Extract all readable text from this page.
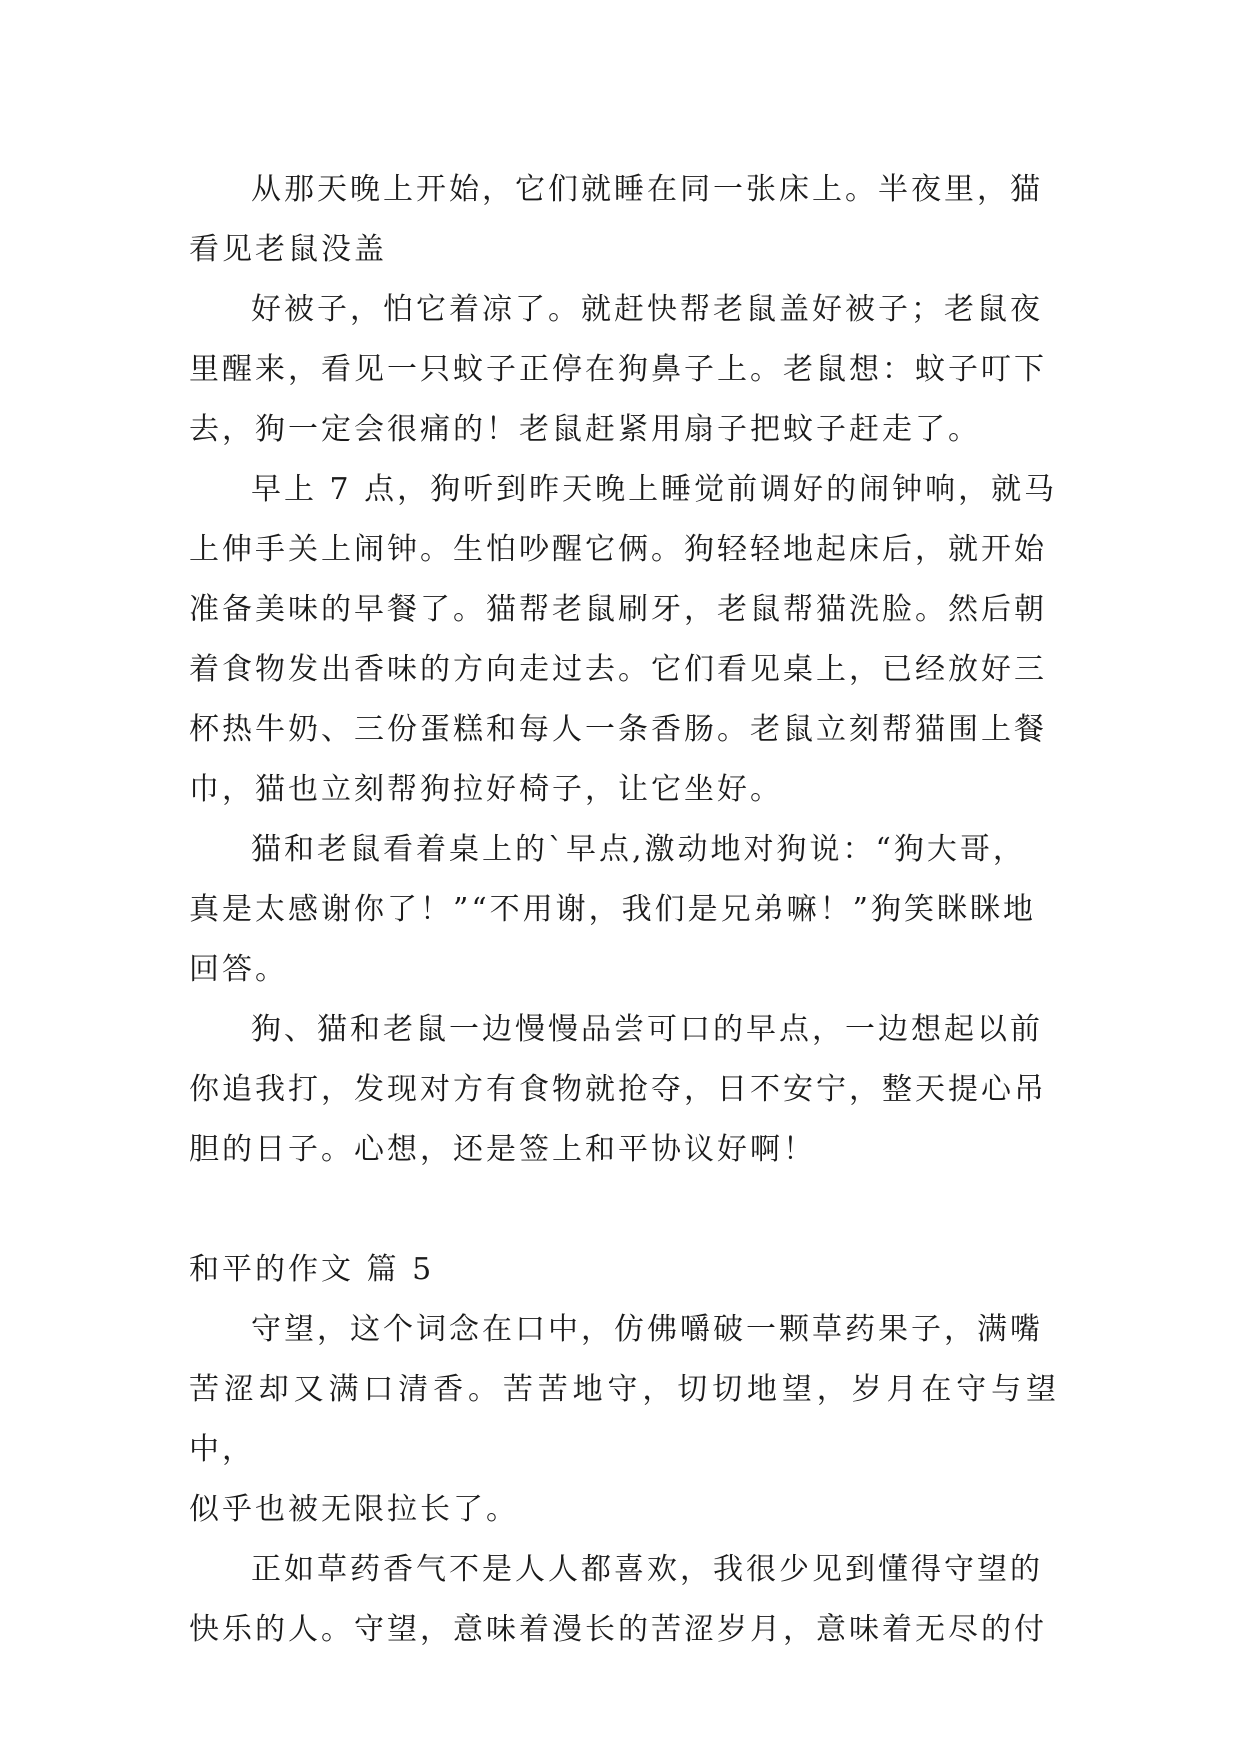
从那天晚上开始，它们就睡在同一张床上。半夜里，猫
看见老鼠没盖

好被子，怕它着凉了。就赶快帮老鼠盖好被子；老鼠夜
里醒来，看见一只蚊子正停在狗鼻子上。老鼠想：蚊子叮下
去，狗一定会很痛的！老鼠赶紧用扇子把蚊子赶走了。

早上 7 点，狗听到昨天晚上睡觉前调好的闹钟响，就马
上伸手关上闹钟。生怕吵醒它俩。狗轻轻地起床后，就开始
准备美味的早餐了。猫帮老鼠刷牙，老鼠帮猫洗脸。然后朝
着食物发出香味的方向走过去。它们看见桌上，已经放好三
杯热牛奶、三份蛋糕和每人一条香肠。老鼠立刻帮猫围上餐
巾，猫也立刻帮狗拉好椅子，让它坐好。

猫和老鼠看着桌上的`早点,激动地对狗说：“狗大哥，
真是太感谢你了！”“不用谢，我们是兄弟嘛！”狗笑眯眯地
回答。

狗、猫和老鼠一边慢慢品尝可口的早点，一边想起以前
你追我打，发现对方有食物就抢夺，日不安宁，整天提心吊
胆的日子。心想，还是签上和平协议好啊！

和平的作文 篇 5

守望，这个词念在口中，仿佛嚼破一颗草药果子，满嘴
苦涩却又满口清香。苦苦地守，切切地望，岁月在守与望中，
似乎也被无限拉长了。

正如草药香气不是人人都喜欢，我很少见到懂得守望的
快乐的人。守望，意味着漫长的苦涩岁月，意味着无尽的付
